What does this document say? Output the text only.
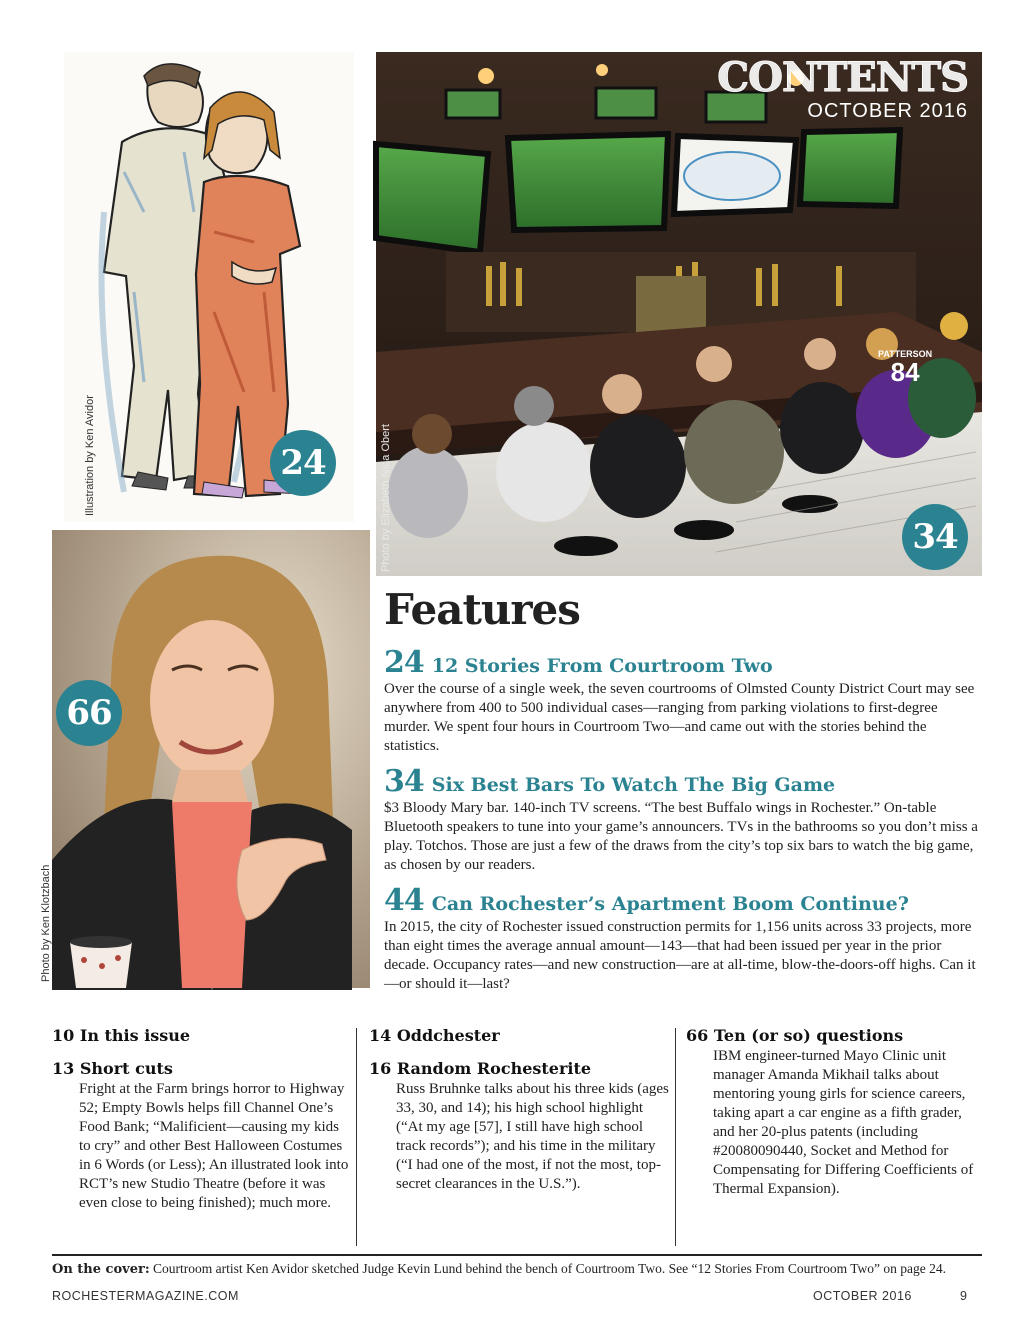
Illustration by Ken Avidor	24
PATTERSON
84
CONTENTS
OCTOBER 2016
Photo by Elizabeth Nida Obert	34
Photo by Ken Klotzbach
66
Features
24 12 Stories From Courtroom Two
Over the course of a single week, the seven courtrooms of Olmsted County District Court may see anywhere from 400 to 500 individual cases—ranging from parking violations to first-degree murder. We spent four hours in Courtroom Two—and came out with the stories behind the statistics.
34 Six Best Bars To Watch The Big Game
$3 Bloody Mary bar. 140-inch TV screens. “The best Buffalo wings in Rochester.” On-table Bluetooth speakers to tune into your game’s announcers. TVs in the bathrooms so you don’t miss a play. Totchos. Those are just a few of the draws from the city’s top six bars to watch the big game, as chosen by our readers.
44 Can Rochester’s Apartment Boom Continue?
In 2015, the city of Rochester issued construction permits for 1,156 units across 33 projects, more than eight times the average annual amount—143—that had been issued per year in the prior decade. Occupancy rates—and new construction—are at all-time, blow-the-doors-off highs. Can it—or should it—last?
10 In this issue
13 Short cuts
Fright at the Farm brings horror to Highway 52; Empty Bowls helps fill Channel One’s Food Bank; “Malificient—causing my kids to cry” and other Best Halloween Costumes in 6 Words (or Less); An illustrated look into RCT’s new Studio Theatre (before it was even close to being finished); much more.
14 Oddchester
16 Random Rochesterite
Russ Bruhnke talks about his three kids (ages 33, 30, and 14); his high school highlight (“At my age [57], I still have high school track records”); and his time in the military (“I had one of the most, if not the most, top-secret clearances in the U.S.”).
66 Ten (or so) questions
IBM engineer-turned Mayo Clinic unit manager Amanda Mikhail talks about mentoring young girls for science careers, taking apart a car engine as a fifth grader, and her 20-plus patents (including #20080090440, Socket and Method for Compensating for Differing Coefficients of Thermal Expansion).
On the cover: Courtroom artist Ken Avidor sketched Judge Kevin Lund behind the bench of Courtroom Two. See “12 Stories From Courtroom Two” on page 24.
ROCHESTERMAGAZINE.COM	OCTOBER 2016	9
